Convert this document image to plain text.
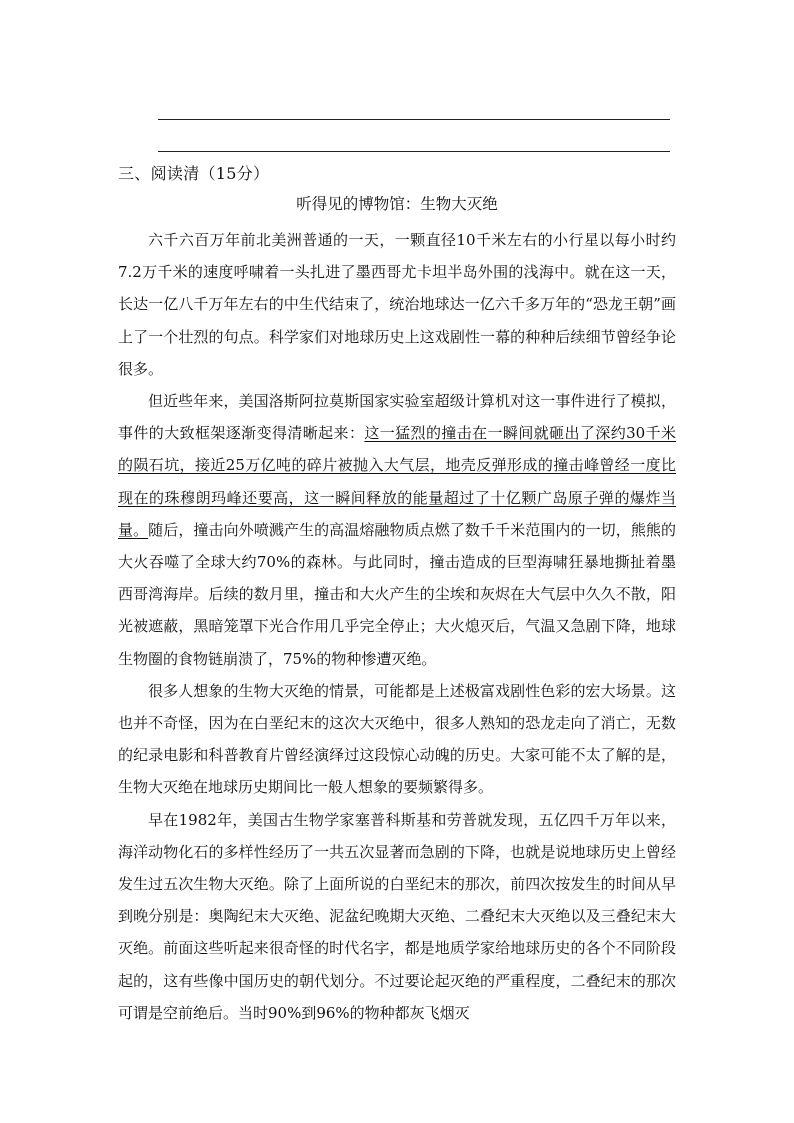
三、阅读清（15分）
听得见的博物馆：生物大灭绝

六千六百万年前北美洲普通的一天，一颗直径10千米左右的小行星以每小时约7.2万千米的速度呼啸着一头扎进了墨西哥尤卡坦半岛外围的浅海中。就在这一天，长达一亿八千万年左右的中生代结束了，统治地球达一亿六千多万年的“恐龙王朝”画上了一个壮烈的句点。科学家们对地球历史上这戏剧性一幕的种种后续细节曾经争论很多。

但近些年来，美国洛斯阿拉莫斯国家实验室超级计算机对这一事件进行了模拟，事件的大致框架逐渐变得清晰起来：这一猛烈的撞击在一瞬间就砸出了深约30千米的陨石坑，接近25万亿吨的碎片被抛入大气层，地壳反弹形成的撞击峰曾经一度比现在的珠穆朗玛峰还要高，这一瞬间释放的能量超过了十亿颗广岛原子弹的爆炸当量。随后，撞击向外喷溅产生的高温熔融物质点燃了数千千米范围内的一切，熊熊的大火吞噬了全球大约70%的森林。与此同时，撞击造成的巨型海啸狂暴地撕扯着墨西哥湾海岸。后续的数月里，撞击和大火产生的尘埃和灰烬在大气层中久久不散，阳光被遮蔽，黑暗笼罩下光合作用几乎完全停止；大火熄灭后，气温又急剧下降，地球生物圈的食物链崩溃了，75%的物种惨遭灭绝。

很多人想象的生物大灭绝的情景，可能都是上述极富戏剧性色彩的宏大场景。这也并不奇怪，因为在白垩纪末的这次大灭绝中，很多人熟知的恐龙走向了消亡，无数的纪录电影和科普教育片曾经演绎过这段惊心动魄的历史。大家可能不太了解的是，生物大灭绝在地球历史期间比一般人想象的要频繁得多。

早在1982年，美国古生物学家塞普科斯基和劳普就发现，五亿四千万年以来，海洋动物化石的多样性经历了一共五次显著而急剧的下降，也就是说地球历史上曾经发生过五次生物大灭绝。除了上面所说的白垩纪末的那次，前四次按发生的时间从早到晚分别是：奥陶纪末大灭绝、泥盆纪晚期大灭绝、二叠纪末大灭绝以及三叠纪末大灭绝。前面这些听起来很奇怪的时代名字，都是地质学家给地球历史的各个不同阶段起的，这有些像中国历史的朝代划分。不过要论起灭绝的严重程度，二叠纪末的那次可谓是空前绝后。当时90%到96%的物种都灰飞烟灭
